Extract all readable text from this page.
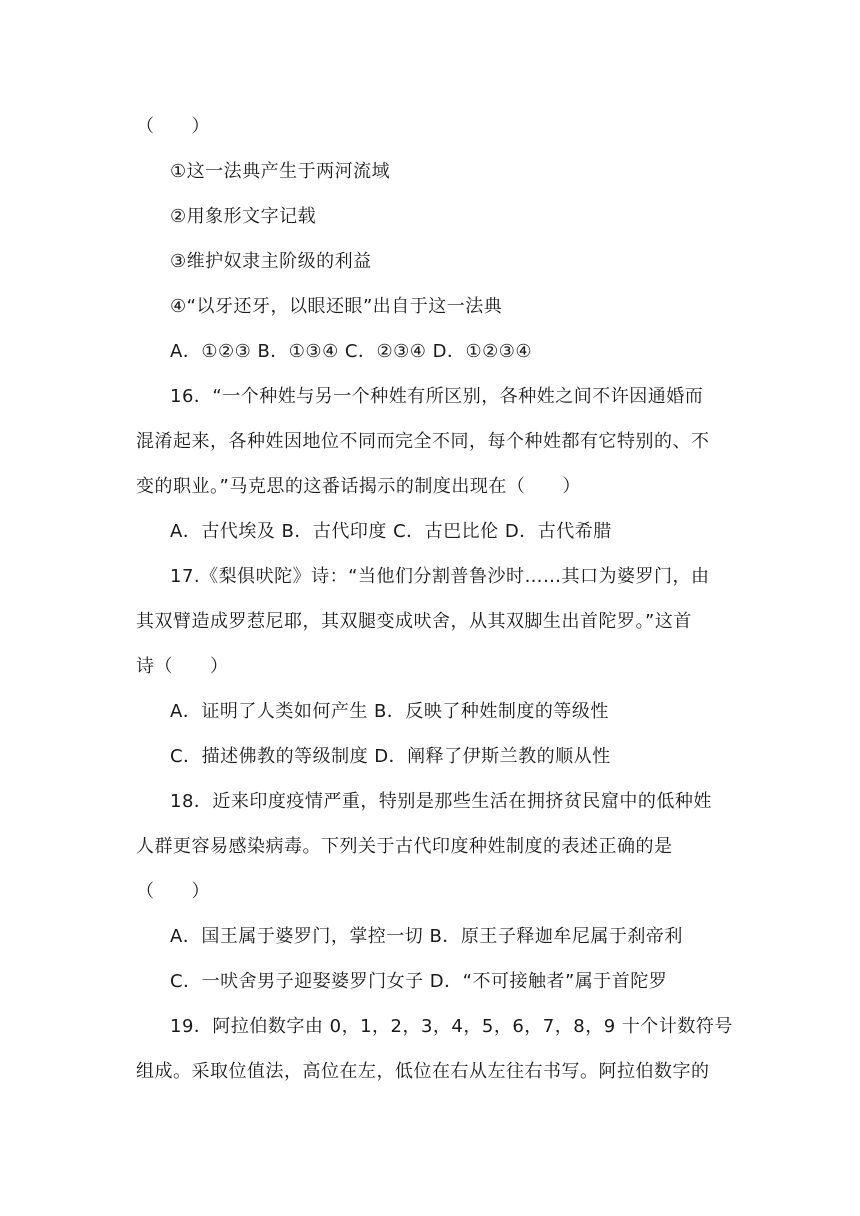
（　　）
①这一法典产生于两河流域
②用象形文字记载
③维护奴隶主阶级的利益
④“以牙还牙，以眼还眼”出自于这一法典
A．①②③ B．①③④ C．②③④ D．①②③④
16．“一个种姓与另一个种姓有所区别，各种姓之间不许因通婚而
混淆起来，各种姓因地位不同而完全不同，每个种姓都有它特别的、不
变的职业。”马克思的这番话揭示的制度出现在（　　）
A．古代埃及 B．古代印度 C．古巴比伦 D．古代希腊
17.《梨俱吠陀》诗：“当他们分割普鲁沙时……其口为婆罗门，由
其双臂造成罗惹尼耶，其双腿变成吠舍，从其双脚生出首陀罗。”这首
诗（　　）
A．证明了人类如何产生 B．反映了种姓制度的等级性
C．描述佛教的等级制度 D．阐释了伊斯兰教的顺从性
18．近来印度疫情严重，特别是那些生活在拥挤贫民窟中的低种姓
人群更容易感染病毒。下列关于古代印度种姓制度的表述正确的是
（　　）
A．国王属于婆罗门，掌控一切 B．原王子释迦牟尼属于刹帝利
C．一吠舍男子迎娶婆罗门女子 D．“不可接触者”属于首陀罗
19．阿拉伯数字由 0，1，2，3，4，5，6，7，8，9 十个计数符号
组成。采取位值法，高位在左，低位在右从左往右书写。阿拉伯数字的
